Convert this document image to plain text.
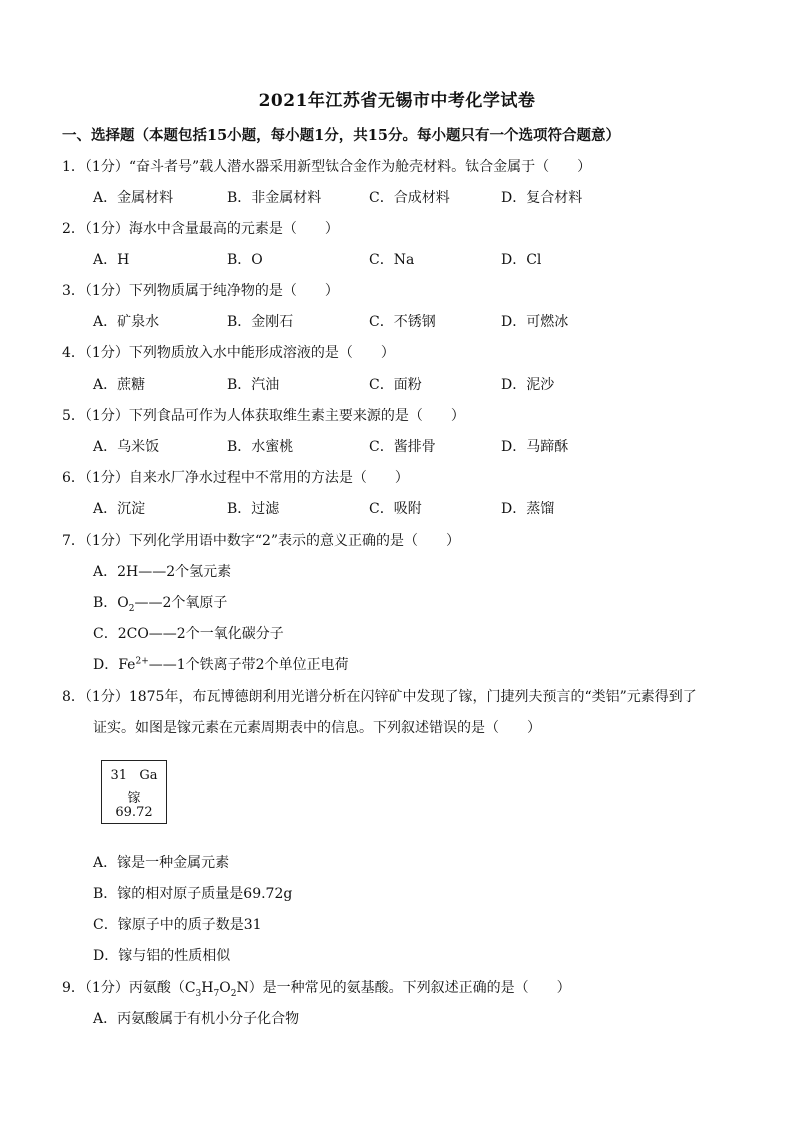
2021年江苏省无锡市中考化学试卷
一、选择题（本题包括15小题，每小题1分，共15分。每小题只有一个选项符合题意）
1．（1分）“奋斗者号”载人潜水器采用新型钛合金作为舱壳材料。钛合金属于（　　）
A．金属材料	B．非金属材料	C．合成材料	D．复合材料
2．（1分）海水中含量最高的元素是（　　）
A．H	B．O	C．Na	D．Cl
3．（1分）下列物质属于纯净物的是（　　）
A．矿泉水	B．金刚石	C．不锈钢	D．可燃冰
4．（1分）下列物质放入水中能形成溶液的是（　　）
A．蔗糖	B．汽油	C．面粉	D．泥沙
5．（1分）下列食品可作为人体获取维生素主要来源的是（　　）
A．乌米饭	B．水蜜桃	C．酱排骨	D．马蹄酥
6．（1分）自来水厂净水过程中不常用的方法是（　　）
A．沉淀	B．过滤	C．吸附	D．蒸馏
7．（1分）下列化学用语中数字“2”表示的意义正确的是（　　）
A．2H——2个氢元素
B．$O_2——2$个氧原子
C．2CO——2个一氧化碳分子
D．$Fe^{2+}——1$个铁离子带2个单位正电荷
8．（1分）1875年，布瓦博德朗利用光谱分析在闪锌矿中发现了镓，门捷列夫预言的“类铝”元素得到了
证实。如图是镓元素在元素周期表中的信息。下列叙述错误的是（　　）
31 Ga
镓
69.72
A．镓是一种金属元素
B．镓的相对原子质量是69.72g
C．镓原子中的质子数是31
D．镓与铝的性质相似
9．（1分）丙氨酸$(C_3H_7O_2N)$是一种常见的氨基酸。下列叙述正确的是（　　）
A．丙氨酸属于有机小分子化合物
